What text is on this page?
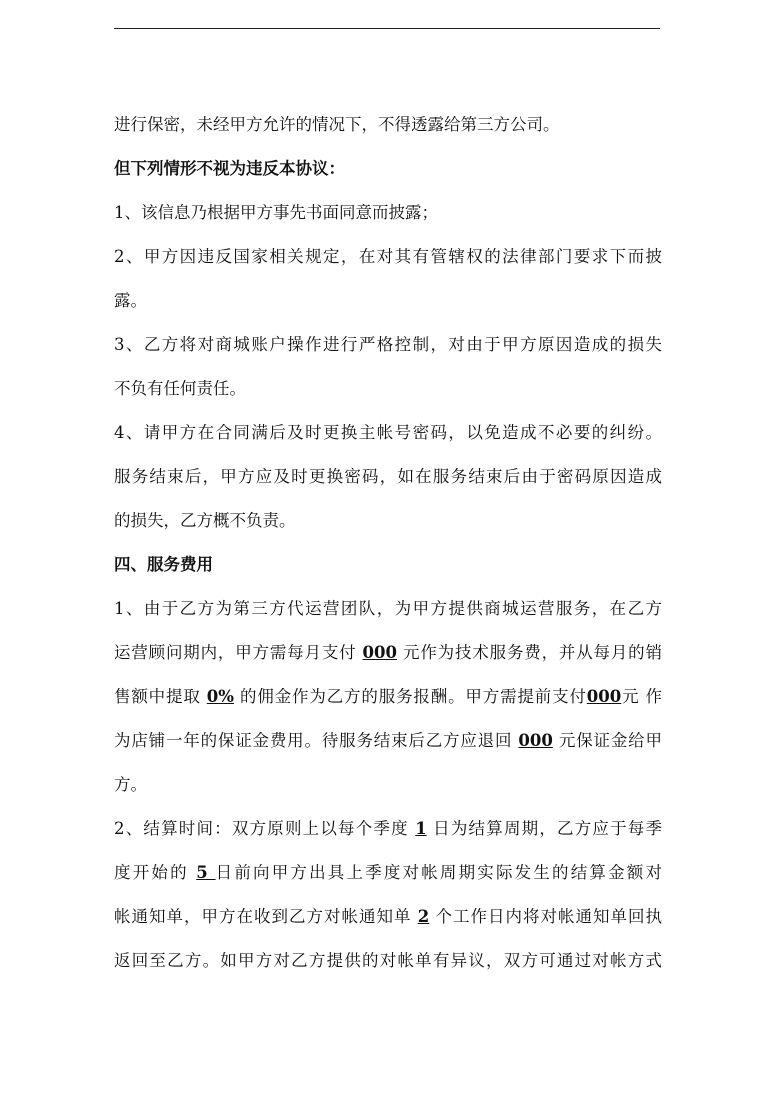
进行保密，未经甲方允许的情况下，不得透露给第三方公司。
但下列情形不视为违反本协议：
1、该信息乃根据甲方事先书面同意而披露；
2、甲方因违反国家相关规定，在对其有管辖权的法律部门要求下而披
露。
3、乙方将对商城账户操作进行严格控制，对由于甲方原因造成的损失
不负有任何责任。
4、请甲方在合同满后及时更换主帐号密码，以免造成不必要的纠纷。
服务结束后，甲方应及时更换密码，如在服务结束后由于密码原因造成
的损失，乙方概不负责。
四、服务费用
1、由于乙方为第三方代运营团队，为甲方提供商城运营服务，在乙方
运营顾问期内，甲方需每月支付 000 元作为技术服务费，并从每月的销
售额中提取 0% 的佣金作为乙方的服务报酬。甲方需提前支付000元 作
为店铺一年的保证金费用。待服务结束后乙方应退回 000 元保证金给甲
方。
2、结算时间：双方原则上以每个季度 1 日为结算周期，乙方应于每季
度开始的 5 日前向甲方出具上季度对帐周期实际发生的结算金额对
帐通知单，甲方在收到乙方对帐通知单 2 个工作日内将对帐通知单回执
返回至乙方。如甲方对乙方提供的对帐单有异议，双方可通过对帐方式
